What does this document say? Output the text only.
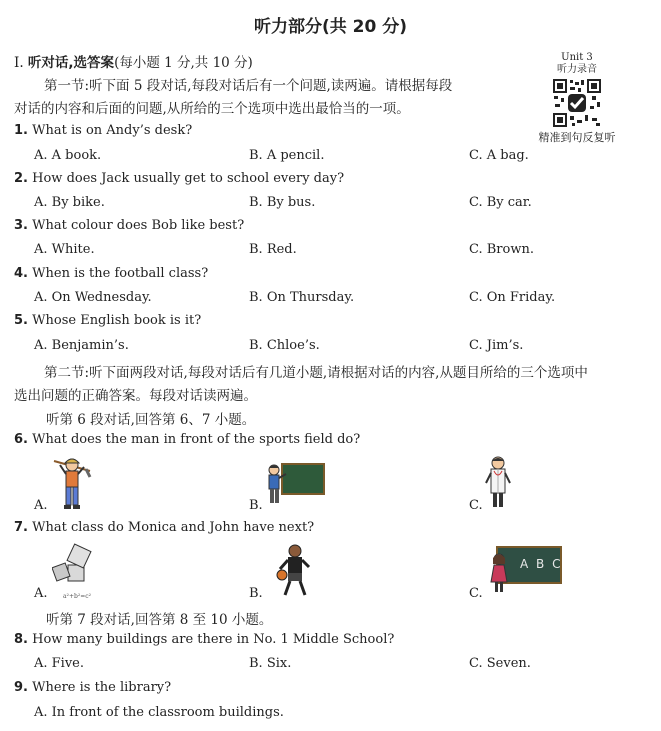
听力部分(共 20 分)
Ⅰ. 听对话,选答案(每小题 1 分,共 10 分)	Unit 3
听力录音
精准到句反复听
第一节:听下面 5 段对话,每段对话后有一个问题,读两遍。请根据每段
对话的内容和后面的问题,从所给的三个选项中选出最恰当的一项。
1. What is on Andy’s desk?
A. A book.	B. A pencil.	C. A bag.
2. How does Jack usually get to school every day?
A. By bike.	B. By bus.	C. By car.
3. What colour does Bob like best?
A. White.	B. Red.	C. Brown.
4. When is the football class?
A. On Wednesday.	B. On Thursday.	C. On Friday.
5. Whose English book is it?
A. Benjamin’s.	B. Chloe’s.	C. Jim’s.
第二节:听下面两段对话,每段对话后有几道小题,请根据对话的内容,从题目所给的三个选项中
选出问题的正确答案。每段对话读两遍。
听第 6 段对话,回答第 6、7 小题。
6. What does the man in front of the sports field do?
A.	B.	C.
7. What class do Monica and John have next?
A.	B.	C.
a²+b²=c²
A B C
听第 7 段对话,回答第 8 至 10 小题。
8. How many buildings are there in No. 1 Middle School?
A. Five.	B. Six.	C. Seven.
9. Where is the library?
A. In front of the classroom buildings.
